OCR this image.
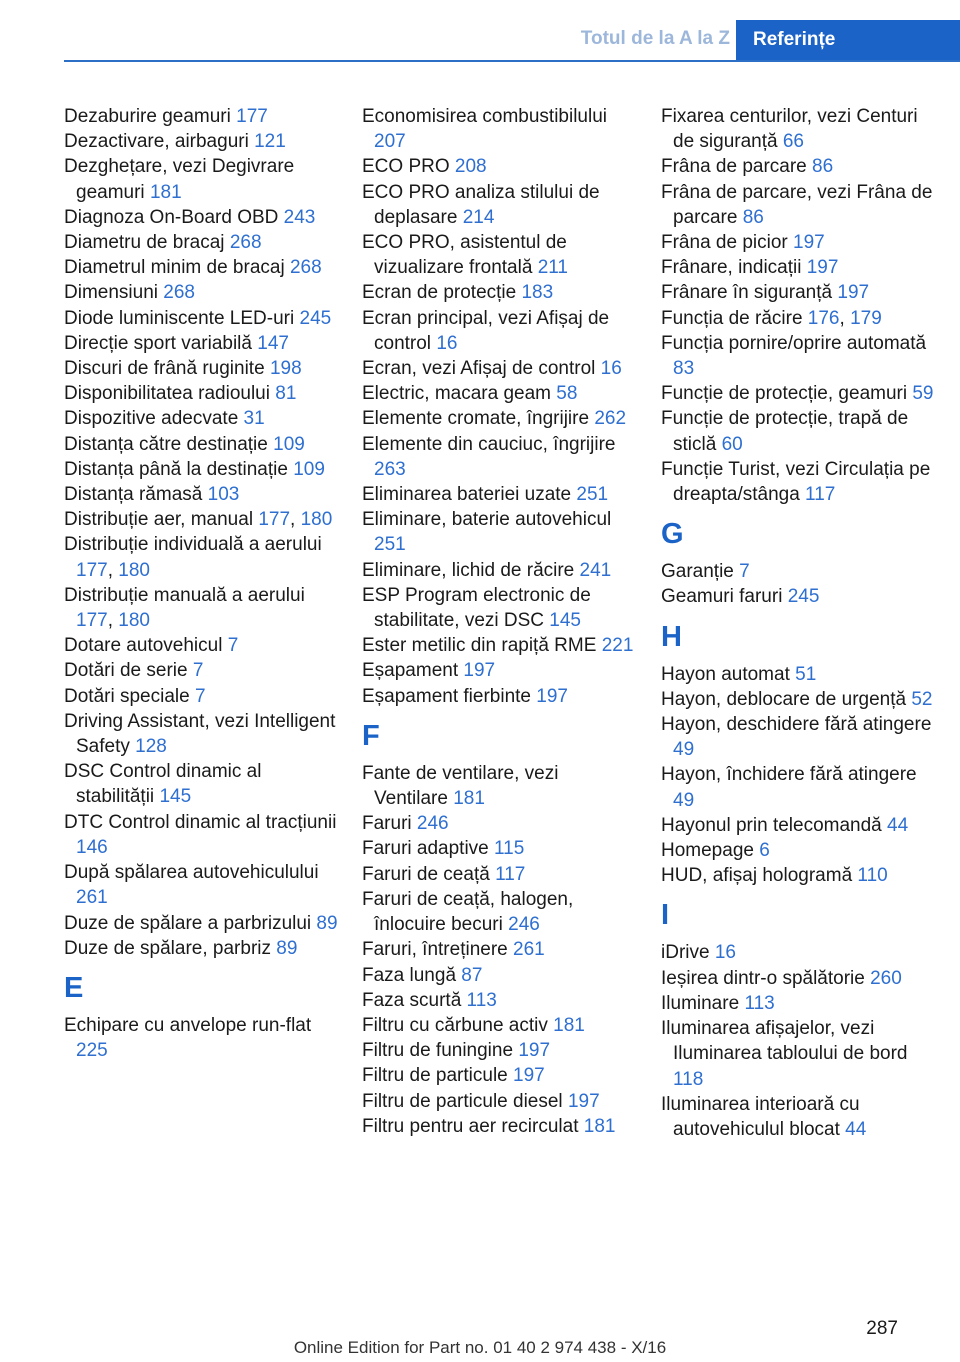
Totul de la A la Z	Referințe
Dezaburire geamuri 177
Dezactivare, airbaguri 121
Dezghețare, vezi Degivrare geamuri 181
Diagnoza On-Board OBD 243
Diametru de bracaj 268
Diametrul minim de bracaj 268
Dimensiuni 268
Diode luminiscente LED-uri 245
Direcție sport variabilă 147
Discuri de frână ruginite 198
Disponibilitatea radioului 81
Dispozitive adecvate 31
Distanța către destinație 109
Distanța până la destinație 109
Distanța rămasă 103
Distribuție aer, manual 177, 180
Distribuție individuală a aerului 177, 180
Distribuție manuală a aerului 177, 180
Dotare autovehicul 7
Dotări de serie 7
Dotări speciale 7
Driving Assistant, vezi Intelligent Safety 128
DSC Control dinamic al stabilității 145
DTC Control dinamic al tracțiunii 146
După spălarea autovehiculului 261
Duze de spălare a parbrizului 89
Duze de spălare, parbriz 89
E
Echipare cu anvelope run-flat 225
Economisirea combustibilului 207
ECO PRO 208
ECO PRO analiza stilului de deplasare 214
ECO PRO, asistentul de vizualizare frontală 211
Ecran de protecție 183
Ecran principal, vezi Afișaj de control 16
Ecran, vezi Afișaj de control 16
Electric, macara geam 58
Elemente cromate, îngrijire 262
Elemente din cauciuc, îngrijire 263
Eliminarea bateriei uzate 251
Eliminare, baterie autovehicul 251
Eliminare, lichid de răcire 241
ESP Program electronic de stabilitate, vezi DSC 145
Ester metilic din rapiță RME 221
Eșapament 197
Eșapament fierbinte 197
F
Fante de ventilare, vezi Ventilare 181
Faruri 246
Faruri adaptive 115
Faruri de ceață 117
Faruri de ceață, halogen, înlocuire becuri 246
Faruri, întreținere 261
Faza lungă 87
Faza scurtă 113
Filtru cu cărbune activ 181
Filtru de funingine 197
Filtru de particule 197
Filtru de particule diesel 197
Filtru pentru aer recirculat 181
Fixarea centurilor, vezi Centuri de siguranță 66
Frâna de parcare 86
Frâna de parcare, vezi Frâna de parcare 86
Frâna de picior 197
Frânare, indicații 197
Frânare în siguranță 197
Funcția de răcire 176, 179
Funcția pornire/oprire automată 83
Funcție de protecție, geamuri 59
Funcție de protecție, trapă de sticlă 60
Funcție Turist, vezi Circulația pe dreapta/stânga 117
G
Garanție 7
Geamuri faruri 245
H
Hayon automat 51
Hayon, deblocare de urgență 52
Hayon, deschidere fără atingere 49
Hayon, închidere fără atingere 49
Hayonul prin telecomandă 44
Homepage 6
HUD, afișaj hologramă 110
I
iDrive 16
Ieșirea dintr-o spălătorie 260
Iluminare 113
Iluminarea afișajelor, vezi Iluminarea tabloului de bord 118
Iluminarea interioară cu autovehiculul blocat 44
287
Online Edition for Part no. 01 40 2 974 438 - X/16
